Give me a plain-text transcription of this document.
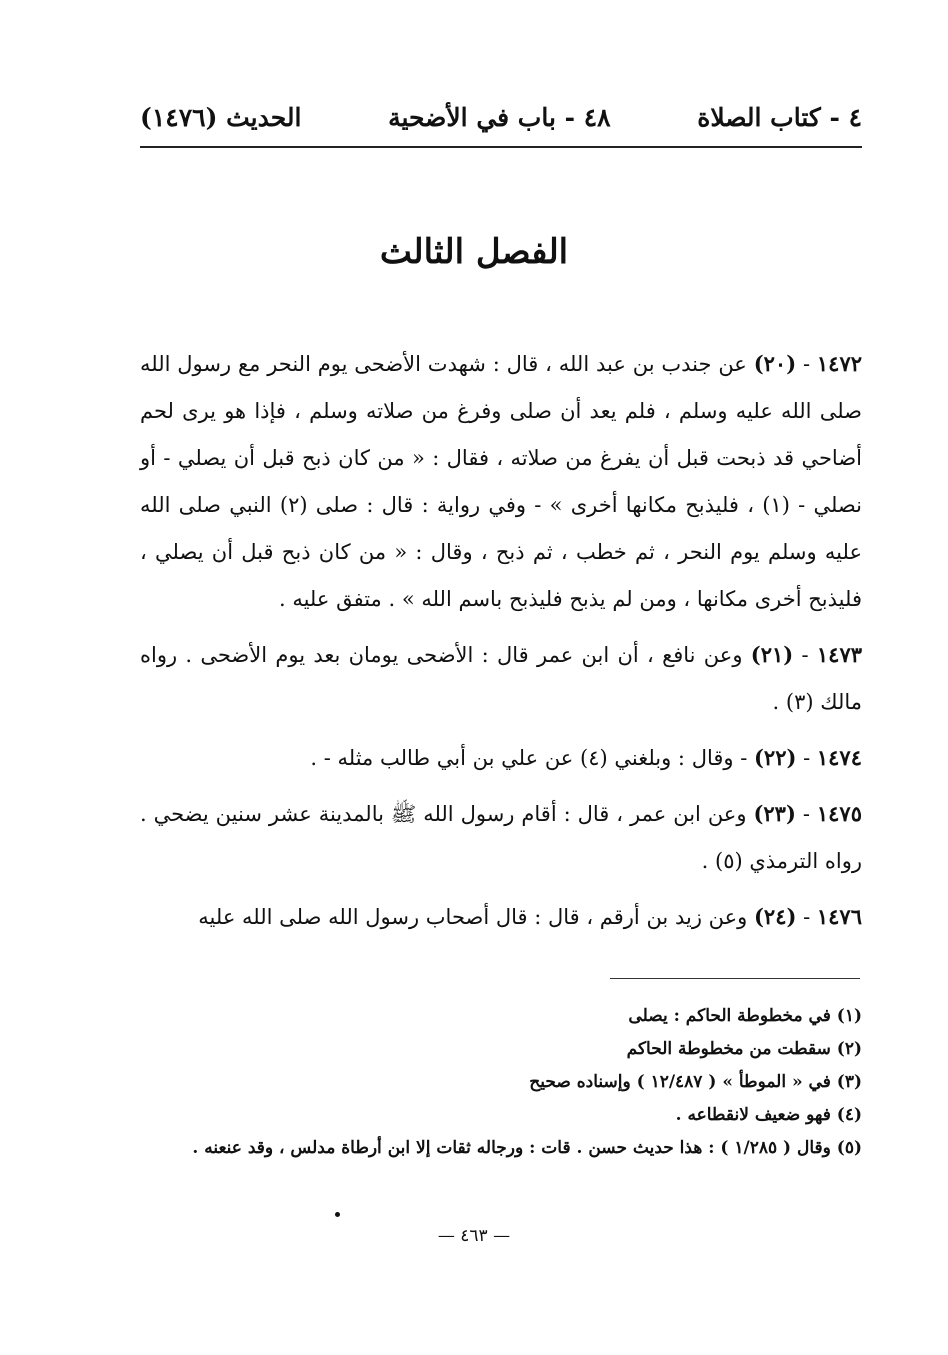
٤ - كتاب الصلاة
٤٨ - باب في الأضحية
الحديث (١٤٧٦)
الفصل الثالث

١٤٧٢ - (٢٠) عن جندب بن عبد الله ، قال : شهدت الأضحى يوم النحر مع رسول الله صلى الله عليه وسلم ، فلم يعد أن صلى وفرغ من صلاته وسلم ، فإذا هو يرى لحم أضاحي قد ذبحت قبل أن يفرغ من صلاته ، فقال : « من كان ذبح قبل أن يصلي - أو نصلي - (١) ، فليذبح مكانها أخرى » - وفي رواية : قال : صلى (٢) النبي صلى الله عليه وسلم يوم النحر ، ثم خطب ، ثم ذبح ، وقال : « من كان ذبح قبل أن يصلي ، فليذبح أخرى مكانها ، ومن لم يذبح فليذبح باسم الله » . متفق عليه .

١٤٧٣ - (٢١) وعن نافع ، أن ابن عمر قال : الأضحى يومان بعد يوم الأضحى . رواه مالك (٣) .

١٤٧٤ - (٢٢) - وقال : وبلغني (٤) عن علي بن أبي طالب مثله - .

١٤٧٥ - (٢٣) وعن ابن عمر ، قال : أقام رسول الله ﷺ بالمدينة عشر سنين يضحي . رواه الترمذي (٥) .

١٤٧٦ - (٢٤) وعن زيد بن أرقم ، قال : قال أصحاب رسول الله صلى الله عليه

(١) في مخطوطة الحاكم : يصلى
(٢) سقطت من مخطوطة الحاكم
(٣) في « الموطأ » ( ١٢/٤٨٧ ) وإسناده صحيح
(٤) فهو ضعيف لانقطاعه .
(٥) وقال ( ١/٢٨٥ ) : هذا حديث حسن . قات : ورجاله ثقات إلا ابن أرطاة مدلس ، وقد عنعنه .
— ٤٦٣ —
